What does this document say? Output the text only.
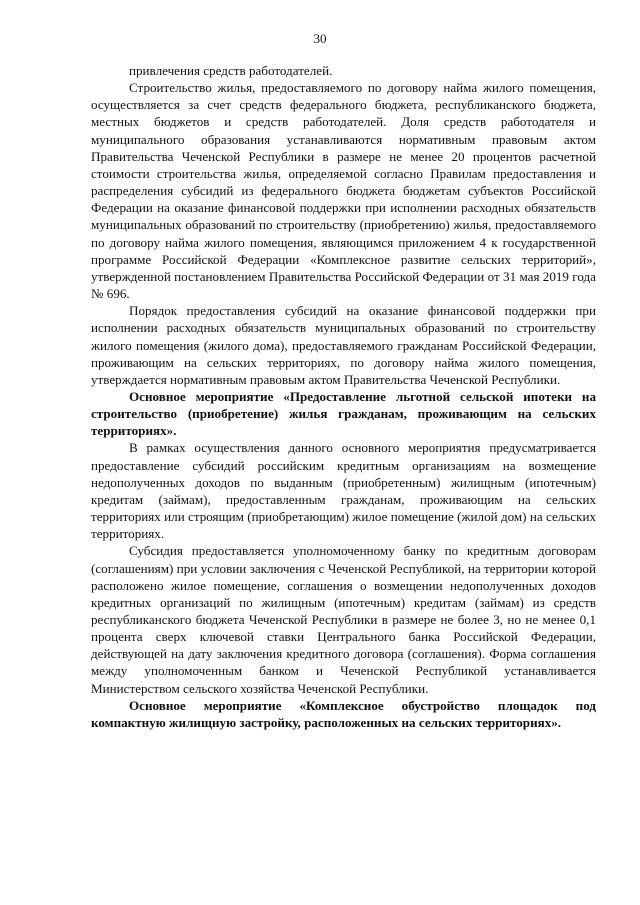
30

привлечения средств работодателей.

Строительство жилья, предоставляемого по договору найма жилого помещения, осуществляется за счет средств федерального бюджета, республиканского бюджета, местных бюджетов и средств работодателей. Доля средств работодателя и муниципального образования устанавливаются нормативным правовым актом Правительства Чеченской Республики в размере не менее 20 процентов расчетной стоимости строительства жилья, определяемой согласно Правилам предоставления и распределения субсидий из федерального бюджета бюджетам субъектов Российской Федерации на оказание финансовой поддержки при исполнении расходных обязательств муниципальных образований по строительству (приобретению) жилья, предоставляемого по договору найма жилого помещения, являющимся приложением 4 к государственной программе Российской Федерации «Комплексное развитие сельских территорий», утвержденной постановлением Правительства Российской Федерации от 31 мая 2019 года № 696.

Порядок предоставления субсидий на оказание финансовой поддержки при исполнении расходных обязательств муниципальных образований по строительству жилого помещения (жилого дома), предоставляемого гражданам Российской Федерации, проживающим на сельских территориях, по договору найма жилого помещения, утверждается нормативным правовым актом Правительства Чеченской Республики.

Основное мероприятие «Предоставление льготной сельской ипотеки на строительство (приобретение) жилья гражданам, проживающим на сельских территориях».

В рамках осуществления данного основного мероприятия предусматривается предоставление субсидий российским кредитным организациям на возмещение недополученных доходов по выданным (приобретенным) жилищным (ипотечным) кредитам (займам), предоставленным гражданам, проживающим на сельских территориях или строящим (приобретающим) жилое помещение (жилой дом) на сельских территориях.

Субсидия предоставляется уполномоченному банку по кредитным договорам (соглашениям) при условии заключения с Чеченской Республикой, на территории которой расположено жилое помещение, соглашения о возмещении недополученных доходов кредитных организаций по жилищным (ипотечным) кредитам (займам) из средств республиканского бюджета Чеченской Республики в размере не более 3, но не менее 0,1 процента сверх ключевой ставки Центрального банка Российской Федерации, действующей на дату заключения кредитного договора (соглашения). Форма соглашения между уполномоченным банком и Чеченской Республикой устанавливается Министерством сельского хозяйства Чеченской Республики.

Основное мероприятие «Комплексное обустройство площадок под компактную жилищную застройку, расположенных на сельских территориях».
